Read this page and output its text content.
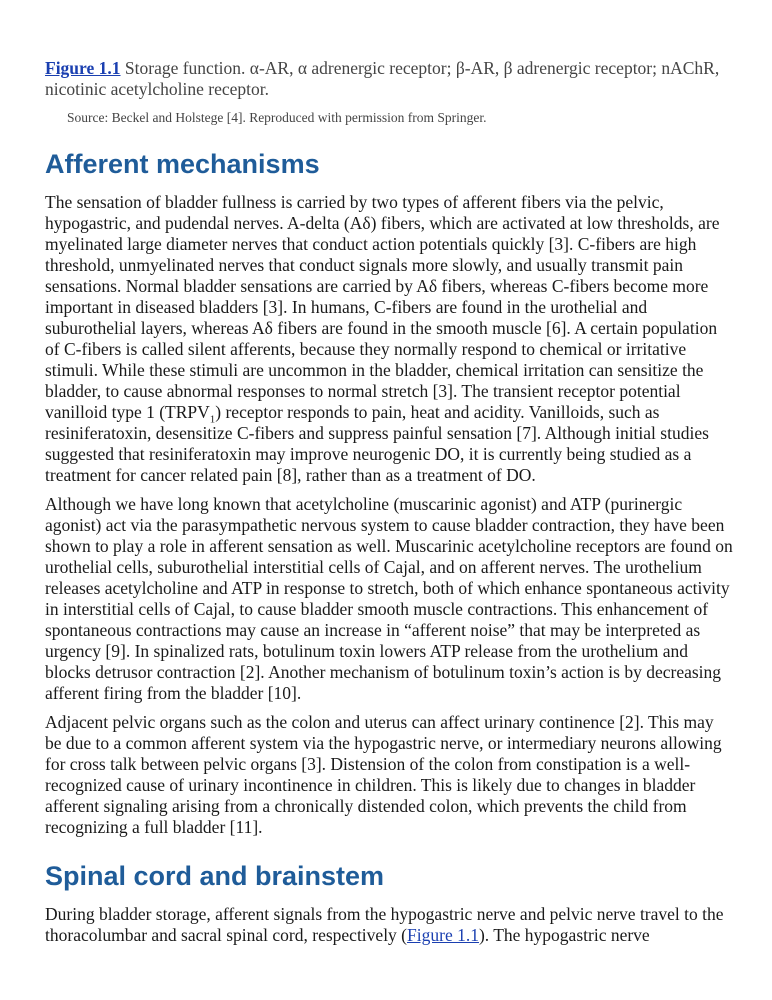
Figure 1.1 Storage function. α-AR, α adrenergic receptor; β-AR, β adrenergic receptor; nAChR, nicotinic acetylcholine receptor.

Source: Beckel and Holstege [4]. Reproduced with permission from Springer.

Afferent mechanisms

The sensation of bladder fullness is carried by two types of afferent fibers via the pelvic, hypogastric, and pudendal nerves. A-delta (Aδ) fibers, which are activated at low thresholds, are myelinated large diameter nerves that conduct action potentials quickly [3]. C-fibers are high threshold, unmyelinated nerves that conduct signals more slowly, and usually transmit pain sensations. Normal bladder sensations are carried by Aδ fibers, whereas C-fibers become more important in diseased bladders [3]. In humans, C-fibers are found in the urothelial and suburothelial layers, whereas Aδ fibers are found in the smooth muscle [6]. A certain population of C-fibers is called silent afferents, because they normally respond to chemical or irritative stimuli. While these stimuli are uncommon in the bladder, chemical irritation can sensitize the bladder, to cause abnormal responses to normal stretch [3]. The transient receptor potential vanilloid type 1 $(TRPV_1)$ receptor responds to pain, heat and acidity. Vanilloids, such as resiniferatoxin, desensitize C-fibers and suppress painful sensation [7]. Although initial studies suggested that resiniferatoxin may improve neurogenic DO, it is currently being studied as a treatment for cancer related pain [8], rather than as a treatment of DO.

Although we have long known that acetylcholine (muscarinic agonist) and ATP (purinergic agonist) act via the parasympathetic nervous system to cause bladder contraction, they have been shown to play a role in afferent sensation as well. Muscarinic acetylcholine receptors are found on urothelial cells, suburothelial interstitial cells of Cajal, and on afferent nerves. The urothelium releases acetylcholine and ATP in response to stretch, both of which enhance spontaneous activity in interstitial cells of Cajal, to cause bladder smooth muscle contractions. This enhancement of spontaneous contractions may cause an increase in “afferent noise” that may be interpreted as urgency [9]. In spinalized rats, botulinum toxin lowers ATP release from the urothelium and blocks detrusor contraction [2]. Another mechanism of botulinum toxin’s action is by decreasing afferent firing from the bladder [10].

Adjacent pelvic organs such as the colon and uterus can affect urinary continence [2]. This may be due to a common afferent system via the hypogastric nerve, or intermediary neurons allowing for cross talk between pelvic organs [3]. Distension of the colon from constipation is a well-recognized cause of urinary incontinence in children. This is likely due to changes in bladder afferent signaling arising from a chronically distended colon, which prevents the child from recognizing a full bladder [11].

Spinal cord and brainstem

During bladder storage, afferent signals from the hypogastric nerve and pelvic nerve travel to the thoracolumbar and sacral spinal cord, respectively (Figure 1.1). The hypogastric nerve
